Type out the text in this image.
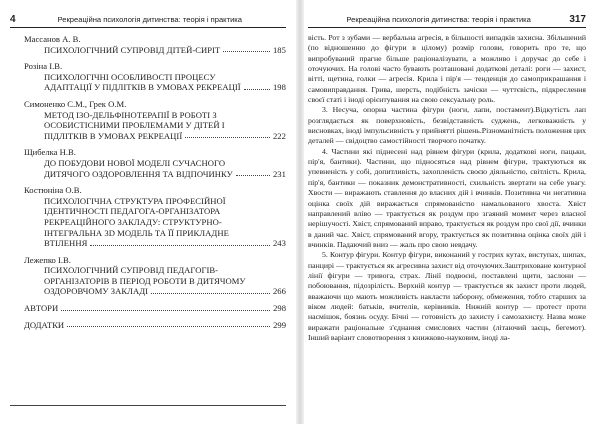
4	Рекреаційна психологія дитинства: теорія і практика
Массанов А. В.
ПСИХОЛОГІЧНИЙ СУПРОВІД ДІТЕЙ-СИРІТ	185
Розіна І.В.
ПСИХОЛОГІЧНІ ОСОБЛИВОСТІ ПРОЦЕСУ
АДАПТАЦІЇ У ПІДЛІТКІВ В УМОВАХ РЕКРЕАЦІЇ	198
Симоненко С.М., Грек О.М.
МЕТОД ІЗО-ДЕЛЬФІНОТЕРАПІЇ В РОБОТІ З
ОСОБИСТІСНИМИ ПРОБЛЕМАМИ У ДІТЕЙ І
ПІДЛІТКІВ В УМОВАХ РЕКРЕАЦІЇ	222
Щибелка Н.В.
ДО ПОБУДОВИ НОВОЇ МОДЕЛІ СУЧАСНОГО
ДИТЯЧОГО ОЗДОРОВЛЕННЯ ТА ВІДПОЧИНКУ	231
Костюніна О.В.
ПСИХОЛОГІЧНА СТРУКТУРА ПРОФЕСІЙНОЇ
ІДЕНТИЧНОСТІ ПЕДАГОГА-ОРГАНІЗАТОРА
РЕКРЕАЦІЙНОГО ЗАКЛАДУ: СТРУКТУРНО-
ІНТЕГРАЛЬНА 3D МОДЕЛЬ ТА ЇЇ ПРИКЛАДНЕ
ВТІЛЕННЯ	243
Лежепко І.В.
ПСИХОЛОГІЧНИЙ СУПРОВІД ПЕДАГОГІВ-
ОРГАНІЗАТОРІВ В ПЕРІОД РОБОТИ В ДИТЯЧОМУ
ОЗДОРОВЧОМУ ЗАКЛАДІ	266
АВТОРИ	298
ДОДАТКИ	299
Рекреаційна психологія дитинства: теорія і практика	317

вість. Рот з зубами — вербальна агресія, в більшості випадків захисна. Збільшений (по відношенню до фігури в цілому) розмір голови, говорить про те, що випробуваний прагне більше раціоналізувати, а можливо і доручає до себе і оточуючих. На голові часто бувають розташовані додаткові деталі: роги — захист, вітті, щетина, голки — агресія. Крила і пір'я — тенденція до самоприкрашання і самовиправдання. Грива, шерсть, подібність зачіски — чуттєвість, підкреслення своєї статі і іноді орієнтування на свою сексуальну роль.

3. Несуча, опорна частина фігури (ноги, лапи, постамент).Відкутість лап розглядається як поверхновість, безвідставність суджень, легковажність у висновках, іноді імпульсивність у прийнятті рішень.Різноманітність положення цих деталей — свідоцтво самостійності творчого початку.

4. Частини які піднесені над рівнем фігури (крила, додаткові ноги, пацьки, пір'я, бантики). Частини, що підносяться над рівнем фігури, трактуються як упевненість у собі, допитливість, захопленість своєю діяльністю, світлість. Крила, пір'я, бантики — показник демонстративності, схильність звертати на себе увагу. Хвости — виражають ставлення до власних дій і вчинків. Позитивна чи негативна оцінка своїх дій виражається спрямованістю намальованого хвоста. Хвіст направлений вліво — трактується як роздум про згаяний момент через власної нерішучості. Хвіст, спрямований вправо, трактується як роздум про свої дії, вчинки в даний час. Хвіст, спрямований вгору, трактується як позитивна оцінка своїх дій і вчинків. Падаючий вниз — жаль про свою невдачу.

5. Контур фігури. Контур фігури, виконаний у гострих кутах, виступах, шипах, панцирі — трактується як агресивна захист від оточуючих.Заштриховане контурної лінії фігури — тривога, страх. Лінії подвоєні, поставлені щити, заслони — побоювання, підозрілість. Верхній контур — трактується як захист проти людей, вважаючи що мають можливість накласти заборону, обмеження, тобто старших за віком людей: батьків, вчителів, керівників. Нижній контур — протест проти насмішок, боязнь осуду. Бічні — готовність до захисту і самозахисту. Назва може виражати раціональне з'єднання смислових частин (літаючий заєць, бегемот). Інший варіант словотворення з книжково-науковим, іноді ла-
